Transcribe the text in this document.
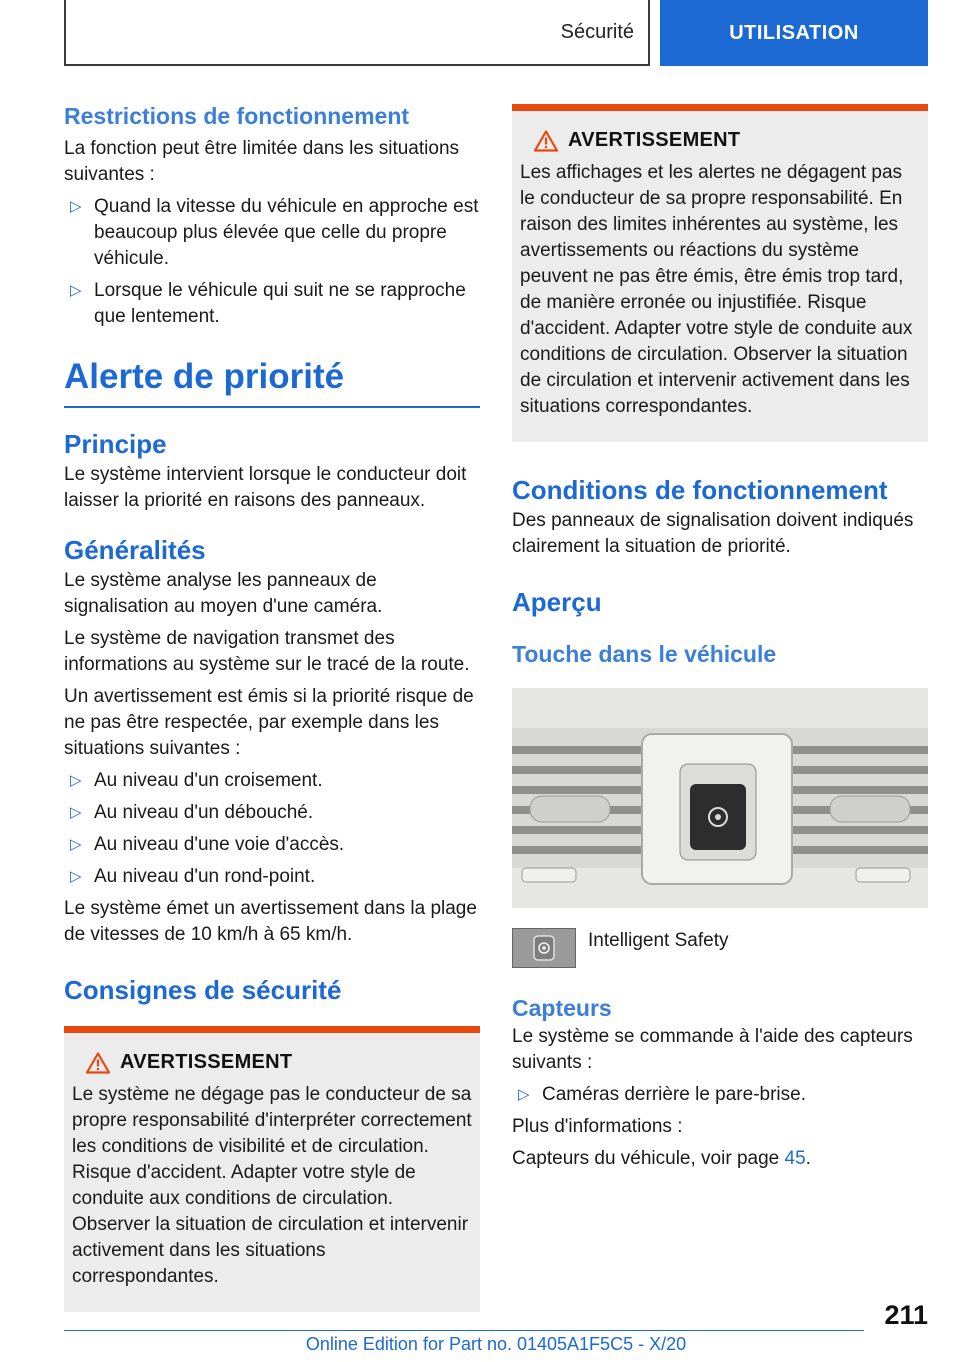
Sécurité	UTILISATION
Restrictions de fonctionnement

La fonction peut être limitée dans les situations suivantes :

▷ Quand la vitesse du véhicule en approche est beaucoup plus élevée que celle du propre véhicule.
▷ Lorsque le véhicule qui suit ne se rapproche que lentement.
Alerte de priorité
Principe

Le système intervient lorsque le conducteur doit laisser la priorité en raisons des panneaux.

Généralités

Le système analyse les panneaux de signalisation au moyen d'une caméra.

Le système de navigation transmet des informations au système sur le tracé de la route.

Un avertissement est émis si la priorité risque de ne pas être respectée, par exemple dans les situations suivantes :

▷ Au niveau d'un croisement.
▷ Au niveau d'un débouché.
▷ Au niveau d'une voie d'accès.
▷ Au niveau d'un rond-point.

Le système émet un avertissement dans la plage de vitesses de 10 km/h à 65 km/h.

Consignes de sécurité
AVERTISSEMENT

Le système ne dégage pas le conducteur de sa propre responsabilité d'interpréter correctement les conditions de visibilité et de circulation. Risque d'accident. Adapter votre style de conduite aux conditions de circulation. Observer la situation de circulation et intervenir activement dans les situations correspondantes.

AVERTISSEMENT

Les affichages et les alertes ne dégagent pas le conducteur de sa propre responsabilité. En raison des limites inhérentes au système, les avertissements ou réactions du système peuvent ne pas être émis, être émis trop tard, de manière erronée ou injustifiée. Risque d'accident. Adapter votre style de conduite aux conditions de circulation. Observer la situation de circulation et intervenir activement dans les situations correspondantes.

Conditions de fonctionnement

Des panneaux de signalisation doivent indiqués clairement la situation de priorité.

Aperçu
Touche dans le véhicule

Intelligent Safety

Capteurs

Le système se commande à l'aide des capteurs suivants :

▷ Caméras derrière le pare-brise.

Plus d'informations :

Capteurs du véhicule, voir page 45.

211
Online Edition for Part no. 01405A1F5C5 - X/20
